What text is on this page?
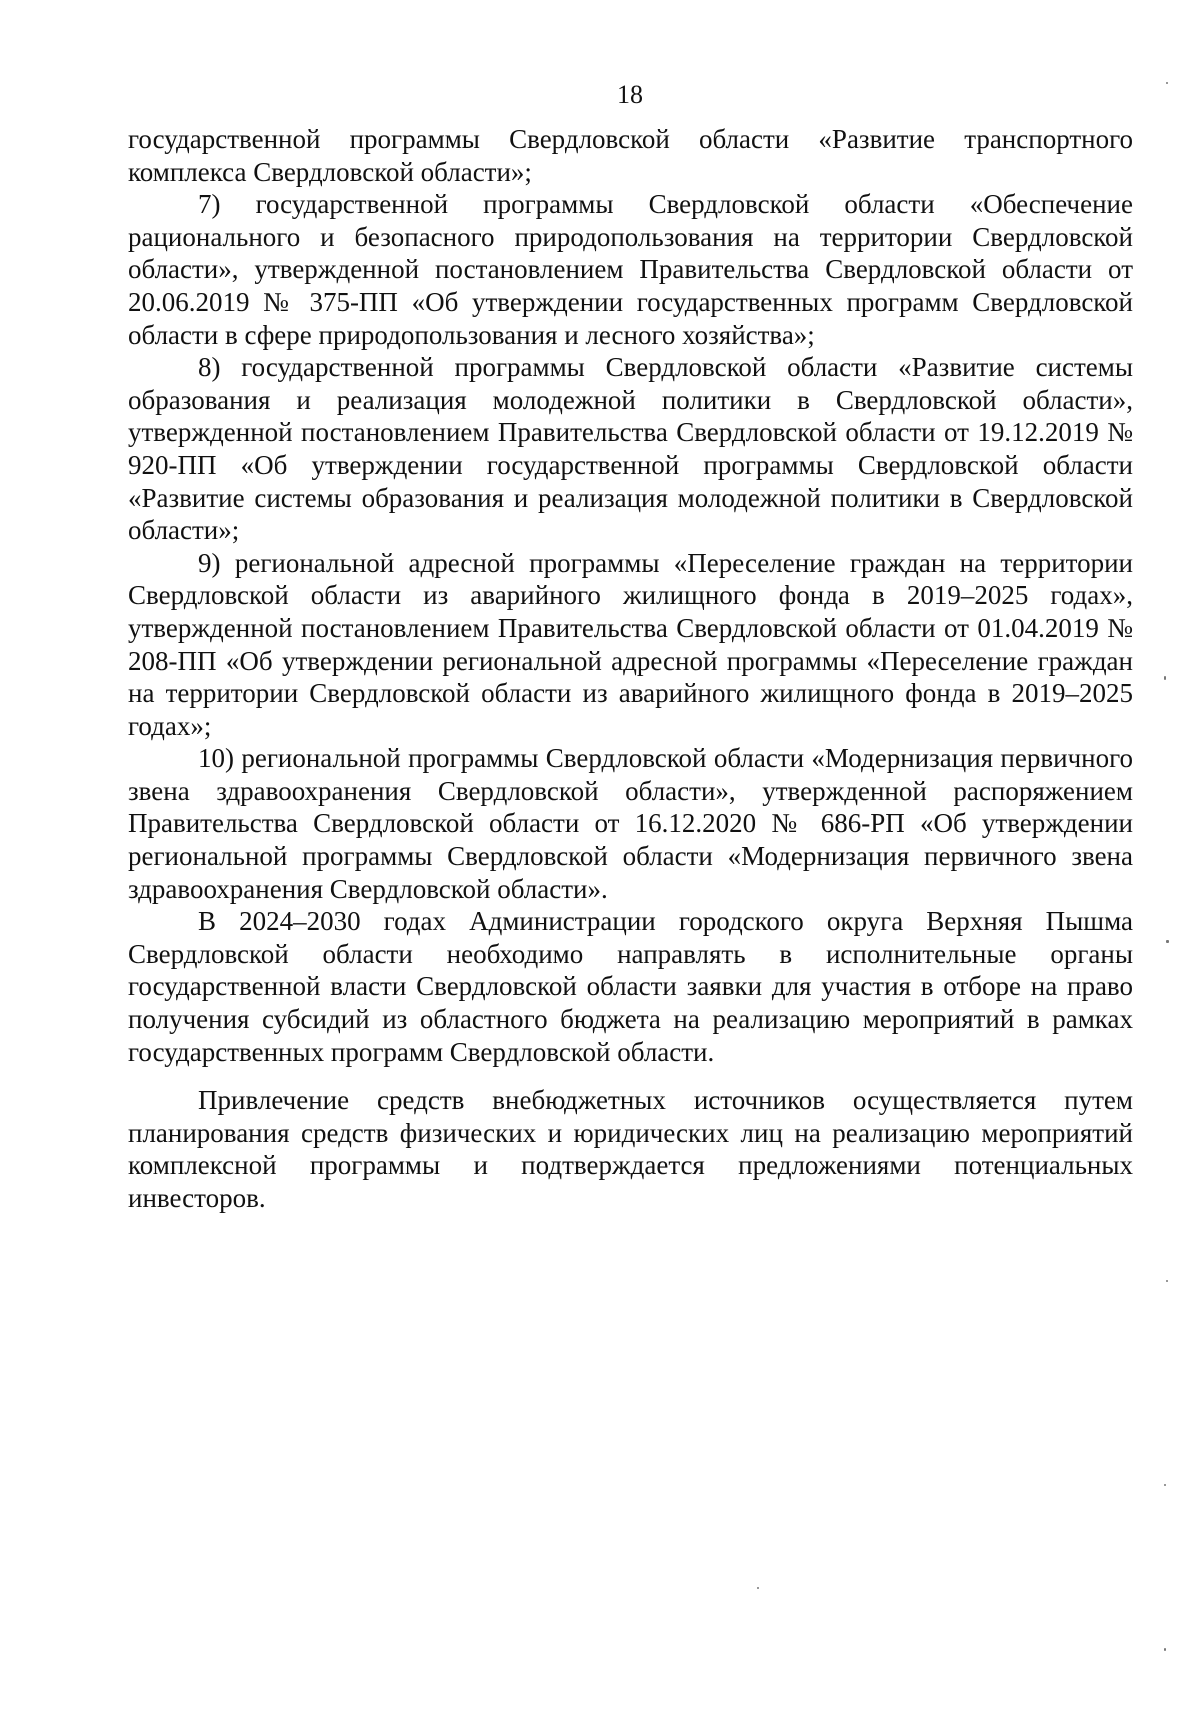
18

государственной программы Свердловской области «Развитие транспортного комплекса Свердловской области»;

7) государственной программы Свердловской области «Обеспечение рационального и безопасного природопользования на территории Свердловской области», утвержденной постановлением Правительства Свердловской области от 20.06.2019 № 375-ПП «Об утверждении государственных программ Свердловской области в сфере природопользования и лесного хозяйства»;

8) государственной программы Свердловской области «Развитие системы образования и реализация молодежной политики в Свердловской области», утвержденной постановлением Правительства Свердловской области от 19.12.2019 № 920-ПП «Об утверждении государственной программы Свердловской области «Развитие системы образования и реализация молодежной политики в Свердловской области»;

9) региональной адресной программы «Переселение граждан на территории Свердловской области из аварийного жилищного фонда в 2019–2025 годах», утвержденной постановлением Правительства Свердловской области от 01.04.2019 № 208-ПП «Об утверждении региональной адресной программы «Переселение граждан на территории Свердловской области из аварийного жилищного фонда в 2019–2025 годах»;

10) региональной программы Свердловской области «Модернизация первичного звена здравоохранения Свердловской области», утвержденной распоряжением Правительства Свердловской области от 16.12.2020 № 686-РП «Об утверждении региональной программы Свердловской области «Модернизация первичного звена здравоохранения Свердловской области».

В 2024–2030 годах Администрации городского округа Верхняя Пышма Свердловской области необходимо направлять в исполнительные органы государственной власти Свердловской области заявки для участия в отборе на право получения субсидий из областного бюджета на реализацию мероприятий в рамках государственных программ Свердловской области.

Привлечение средств внебюджетных источников осуществляется путем планирования средств физических и юридических лиц на реализацию мероприятий комплексной программы и подтверждается предложениями потенциальных инвесторов.
